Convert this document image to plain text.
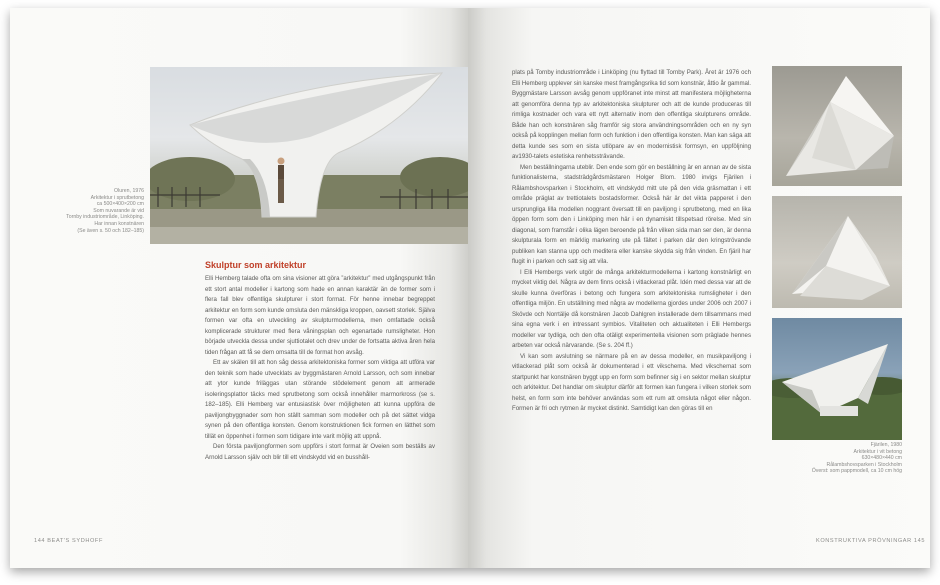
Oluren, 1976
Arkitektur i sprutbetong
ca 500×400×200 cm
Som nuvarande är vid
Tornby industriområde, Linköping.
Har innan konstnären
(Se även s. 50 och 182–185)
Skulptur som arkitektur

Elli Hemberg talade ofta om sina visioner att göra ”arkitektur” med utgångspunkt från ett stort antal modeller i kartong som hade en annan karaktär än de former som i flera fall blev offentliga skulpturer i stort format. För henne innebar begreppet arkitektur en form som kunde omsluta den mänskliga kroppen, oavsett storlek. Själva formen var ofta en utveckling av skulpturmodellerna, men omfattade också komplicerade strukturer med flera våningsplan och egenartade rumsligheter. Hon började utveckla dessa under sjuttiotalet och drev under de fortsatta aktiva åren hela tiden frågan att få se dem omsatta till de format hon avsåg.

Ett av skälen till att hon såg dessa arkitektoniska former som viktiga att utföra var den teknik som hade utvecklats av byggmästaren Arnold Larsson, och som innebar att ytor kunde friläggas utan störande stödelement genom att armerade isoleringsplattor täcks med sprutbetong som också innehåller marmorkross (se s. 182–185). Elli Hemberg var entusiastisk över möjligheten att kunna uppföra de paviljongbyggnader som hon ställt samman som modeller och på det sättet vidga synen på den offentliga konsten. Genom konstruktionen fick formen en lätthet som tillät en öppenhet i formen som tidigare inte varit möjlig att uppnå.

Den första paviljongformen som uppförs i stort format är Oveien som beställs av Arnold Larsson själv och blir till ett vindskydd vid en busshåll-

144 BEAT'S SYDHOFF

plats på Tornby industriområde i Linköping (nu flyttad till Tornby Park). Året är 1976 och Elli Hemberg upplever sin kanske mest framgångsrika tid som konstnär, åttio år gammal. Byggmästare Larsson avsåg genom uppföranet inte minst att manifestera möjligheterna att genomföra denna typ av arkitektoniska skulpturer och att de kunde produceras till rimliga kostnader och vara ett nytt alternativ inom den offentliga skulpturens område. Både han och konstnären såg framför sig stora användningsområden och en ny syn också på kopplingen mellan form och funktion i den offentliga konsten. Man kan säga att detta kunde ses som en sista utlöpare av en modernistisk formsyn, en uppföljning av1930-talets estetiska renhetssträvande.

Men beställningarna uteblir. Den ende som gör en beställning är en annan av de sista funktionalisterna, stadsträdgårdsmästaren Holger Blom. 1980 invigs Fjärilen i Rålambshovsparken i Stockholm, ett vindskydd mitt ute på den vida gräsmattan i ett område präglat av trettiotalets bostadsformer. Också här är det vikta papperet i den ursprungliga lilla modellen noggrant översatt till en paviljong i sprutbetong, med en lika öppen form som den i Linköping men här i en dynamiskt tillspetsad rörelse. Med sin diagonal, som framstår i olika lägen beroende på från vilken sida man ser den, är denna skulpturala form en märklig markering ute på fältet i parken där den kringströvande publiken kan stanna upp och meditera eller kanske skydda sig från vinden. En fjäril har flugit in i parken och satt sig att vila.

I Elli Hembergs verk utgör de många arkitekturmodellerna i kartong konstnärligt en mycket viktig del. Några av dem finns också i vitlackerad plåt. Idén med dessa var att de skulle kunna överföras i betong och fungera som arkitektoniska rumsligheter i den offentliga miljön. En utställning med några av modellerna gjordes under 2006 och 2007 i Skövde och Norrtälje då konstnären Jacob Dahlgren installerade dem tillsammans med sina egna verk i en intressant symbios. Vitaliteten och aktualiteten i Elli Hembergs modeller var tydliga, och den ofta otäligt experimentella visionen som präglade hennes arbeten var också närvarande. (Se s. 204 ff.)

Vi kan som avslutning se närmare på en av dessa modeller, en musikpaviljong i vitlackerad plåt som också är dokumenterad i ett vikschema. Med vikschemat som startpunkt har konstnären byggt upp en form som befinner sig i en sektor mellan skulptur och arkitektur. Det handlar om skulptur därför att formen kan fungera i vilken storlek som helst, en form som inte behöver användas som ett rum att omsluta något eller någon. Formen är fri och rytmen är mycket distinkt. Samtidigt kan den göras till en

Fjärilen, 1980
Arkitektur i vit betong
630×480×440 cm
Rålambshovsparken i Stockholm
Överst: som pappmodell, ca 10 cm hög
KONSTRUKTIVA PRÖVNINGAR 145
